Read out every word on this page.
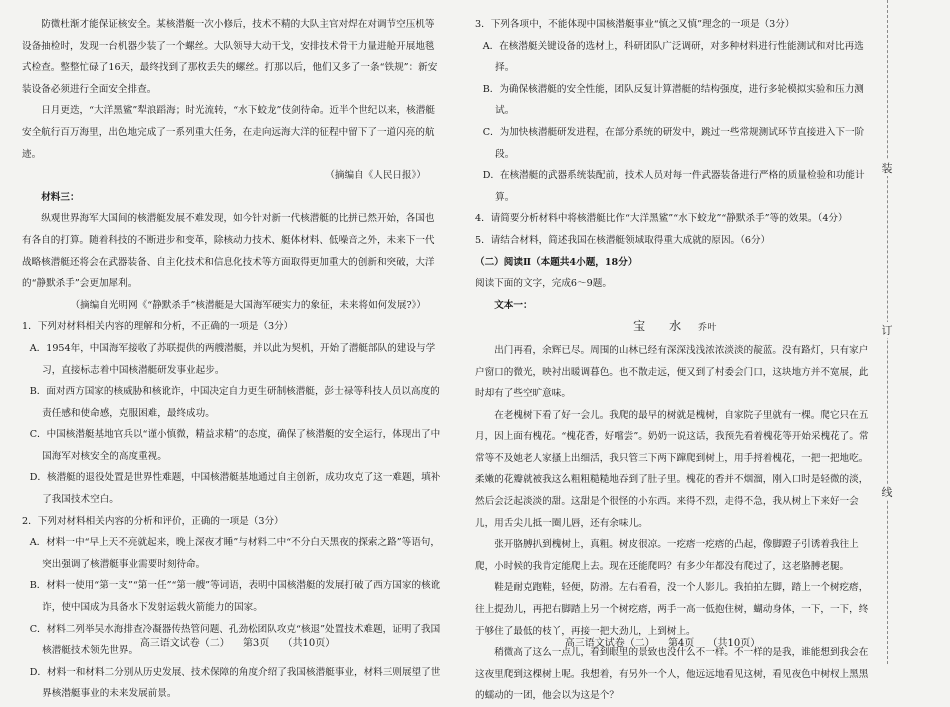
防微杜渐才能保证核安全。某核潜艇一次小修后，技术不精的大队主官对焊在对调节空压机等设备抽检时，发现一台机器少装了一个螺丝。大队领导大动干戈，安排技术骨干力量进舱开展地毯式检查。整整忙碌了16天，最终找到了那枚丢失的螺丝。打那以后，他们又多了一条“铁规”：新安装设备必须进行全面安全排查。

日月更迭，“大洋黑鲨”犁浪蹈海；时光流转，“水下蛟龙”伎剑待命。近半个世纪以来，核潜艇安全航行百万海里，出色地完成了一系列重大任务，在走向远海大洋的征程中留下了一道闪亮的航迹。

（摘编自《人民日报》）

材料三：

纵观世界海军大国间的核潜艇发展不难发现，如今针对新一代核潜艇的比拼已然开始，各国也有各自的打算。随着科技的不断进步和变革，除核动力技术、艇体材料、低噪音之外，未来下一代战略核潜艇还将会在武器装备、自主化技术和信息化技术等方面取得更加重大的创新和突破，大洋的“静默杀手”会更加犀利。

（摘编自光明网《“静默杀手”核潜艇是大国海军硬实力的象征，未来将如何发展?》）

1．下列对材料相关内容的理解和分析，不正确的一项是（3分）

A．1954年，中国海军接收了苏联提供的两艘潜艇，并以此为契机，开始了潜艇部队的建设与学习，直接标志着中国核潜艇研发事业起步。

B．面对西方国家的核威胁和核讹诈，中国决定自力更生研制核潜艇，彭士禄等科技人员以高度的责任感和使命感，克服困难，最终成功。

C．中国核潜艇基地官兵以“谨小慎微，精益求精”的态度，确保了核潜艇的安全运行，体现出了中国海军对核安全的高度重视。

D．核潜艇的退役处置是世界性难题，中国核潜艇基地通过自主创新，成功攻克了这一难题，填补了我国技术空白。

2．下列对材料相关内容的分析和评价，正确的一项是（3分）

A．材料一中“早上天不亮就起来，晚上深夜才睡”与材料二中“不分白天黑夜的探索之路”等语句，突出强调了核潜艇事业需要时刻待命。

B．材料一使用“第一支”“第一任”“第一艘”等词语，表明中国核潜艇的发展打破了西方国家的核讹诈，使中国成为具备水下发射运载火箭能力的国家。

C．材料二列举吴水海排查冷凝器传热管问题、孔劲松团队攻克“核退”处置技术难题，证明了我国核潜艇技术领先世界。

D．材料一和材料二分别从历史发展、技术保障的角度介绍了我国核潜艇事业，材料三则展望了世界核潜艇事业的未来发展前景。

高三语文试卷（二） 第3页 （共10页）

3．下列各项中，不能体现中国核潜艇事业“慎之又慎”理念的一项是（3分）

A．在核潜艇关键设备的选材上，科研团队广泛调研，对多种材料进行性能测试和对比再选择。

B．为确保核潜艇的安全性能，团队反复计算潜艇的结构强度，进行多轮模拟实验和压力测试。

C．为加快核潜艇研发进程，在部分系统的研发中，跳过一些常规测试环节直接进入下一阶段。

D．在核潜艇的武器系统装配前，技术人员对每一件武器装备进行严格的质量检验和功能计算。

4．请简要分析材料中将核潜艇比作“大洋黑鲨”“水下蛟龙”“静默杀手”等的效果。（4分）

5．请结合材料，简述我国在核潜艇领域取得重大成就的原因。（6分）

（二）阅读Ⅱ（本题共4小题，18分）

阅读下面的文字，完成6～9题。

文本一：

宝　水 乔叶

出门再看，余辉已尽。周围的山林已经有深深浅浅浓浓淡淡的靛蓝。没有路灯，只有家户户窗口的微光，映衬出暖调暮色。也不散走远，便又到了村委会门口，这块地方并不宽展，此时却有了些空旷意味。

在老槐树下看了好一会儿。我爬的最早的树就是槐树，自家院子里就有一棵。爬它只在五月，因上面有槐花。“槐花香，好嚐尝”。奶奶一说这话，我预先看着槐花等开始采槐花了。常常等不及她老人家搔上出细活，我只管三下两下蹿爬到树上，用手捋着槐花，一把一把地吃。柔嫩的花瓣就被我这么粗粗糙糙地吞到了肚子里。槐花的香并不烟溜，刚入口时是轻微的淡，然后会泛起淡淡的甜。这甜是个很怪的小东西。来得不烈，走得不急，我从树上下来好一会儿，用舌尖儿抵一圈儿唇，还有余味儿。

张开胳膊扒到槐树上，真粗。树皮很凉。一疙瘩一疙瘩的凸起，像脚蹬子引诱着我往上爬，小时候的我肯定能爬上去。现在还能爬吗？有多少年都没有爬过了，这老胳膊老腿。

鞋是耐克跑鞋，轻便，防滑。左右看看，没一个人影儿。我拍拍左脚，踏上一个树疙瘩，往上提劲儿，再把右脚踏上另一个树疙瘩，两手一高一低抱住树，蝴动身体，一下，一下，终于够住了最低的枝丫，再接一把大劲儿，上到树上。

稍微高了这么一点儿，看到眼里的景致也没什么不一样。不一样的是我，谁能想到我会在这夜里爬到这棵树上呢。我想着，有另外一个人，他远远地看见这树，看见夜色中树杈上黑黑的蠕动的一团，他会以为这是个？

装
订
线
高三语文试卷（二） 第4页 （共10页）
